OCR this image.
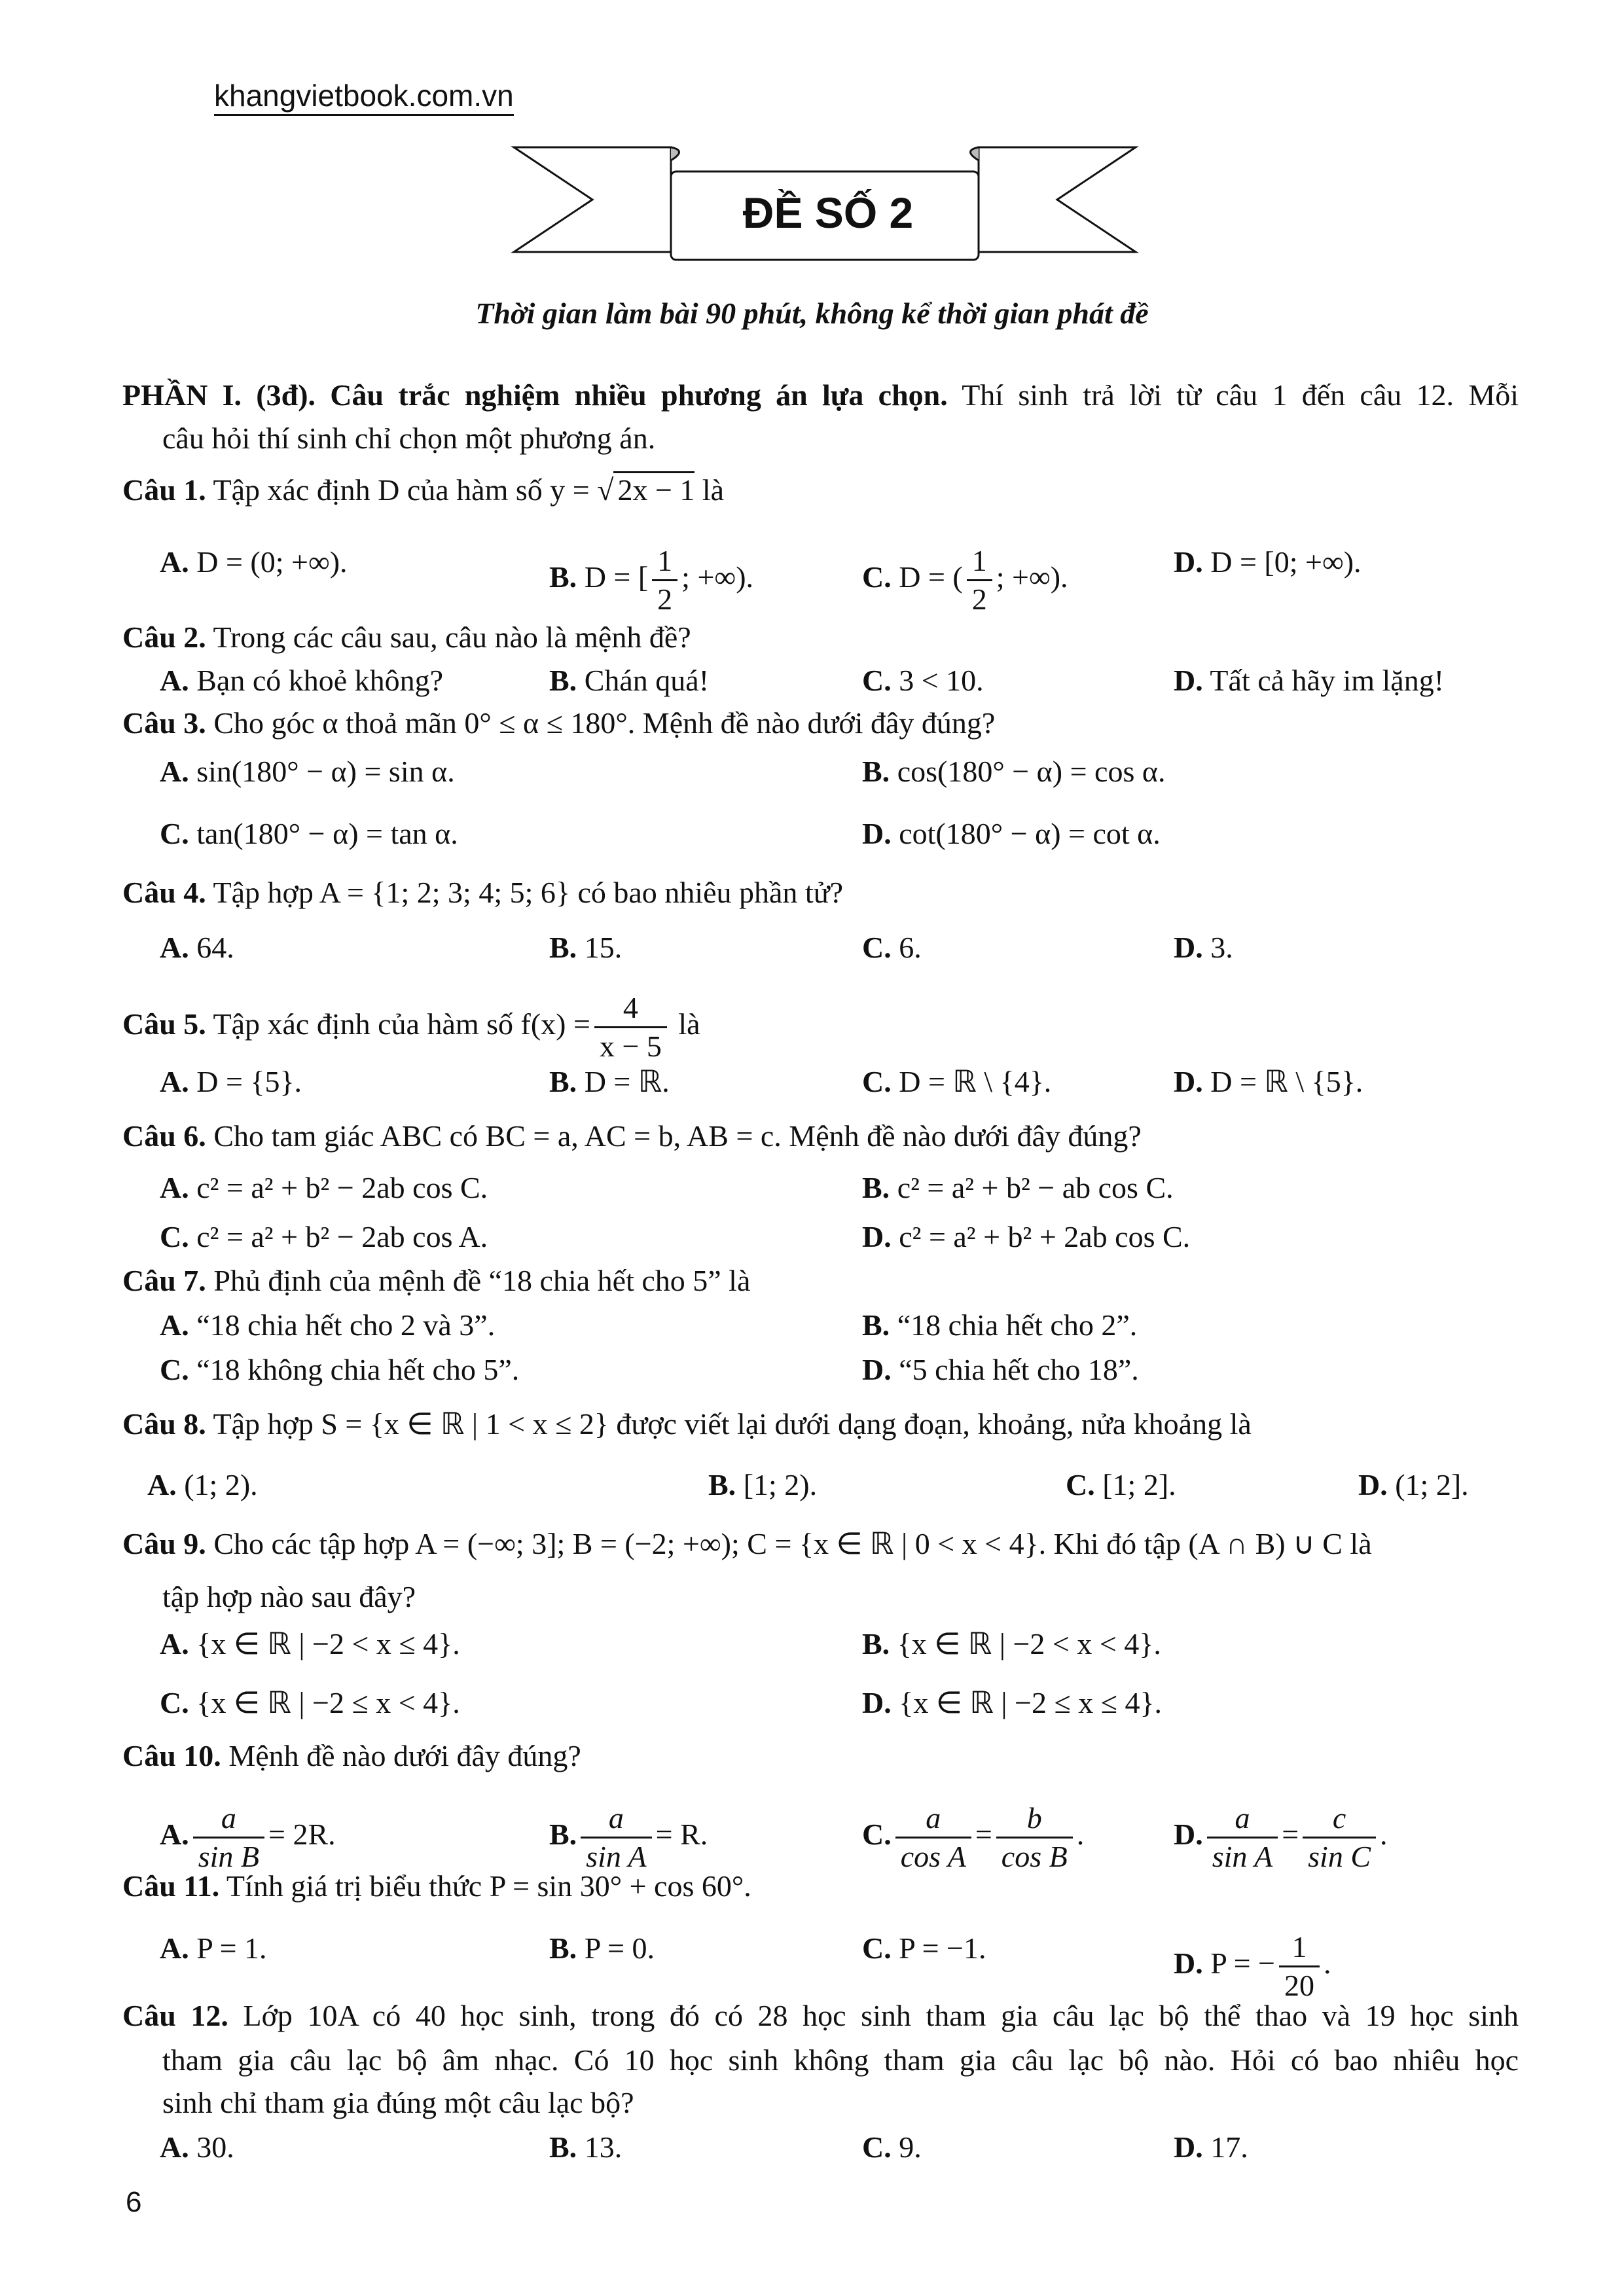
khangvietbook.com.vn
ĐỀ SỐ 2
Thời gian làm bài 90 phút, không kể thời gian phát đề
PHẦN I. (3đ). Câu trắc nghiệm nhiều phương án lựa chọn. Thí sinh trả lời từ câu 1 đến câu 12. Mỗi
câu hỏi thí sinh chỉ chọn một phương án.
Câu 1. Tập xác định D của hàm số y = √ 2x − 1 là
A. D = (0; +∞).	B. D = [ $\frac{1}{2}$ ; +∞).	C. D = ( $\frac{1}{2}$ ; +∞).	D. D = [0; +∞).
Câu 2. Trong các câu sau, câu nào là mệnh đề?
A. Bạn có khoẻ không?	B. Chán quá!	C. 3 < 10.	D. Tất cả hãy im lặng!
Câu 3. Cho góc α thoả mãn 0° ≤ α ≤ 180°. Mệnh đề nào dưới đây đúng?
A. sin(180° − α) = sin α.	B. cos(180° − α) = cos α.
C. tan(180° − α) = tan α.	D. cot(180° − α) = cot α.
Câu 4. Tập hợp A = {1; 2; 3; 4; 5; 6} có bao nhiêu phần tử?
A. 64.	B. 15.	C. 6.	D. 3.
Câu 5. Tập xác định của hàm số $f(x) = \frac{4}{x - 5}$ là
A. D = {5}.	B. D = ℝ.	C. D = ℝ \ {4}.	D. D = ℝ \ {5}.
Câu 6. Cho tam giác ABC có BC = a, AC = b, AB = c. Mệnh đề nào dưới đây đúng?
A. c² = a² + b² − 2ab cos C.	B. c² = a² + b² − ab cos C.
C. c² = a² + b² − 2ab cos A.	D. c² = a² + b² + 2ab cos C.
Câu 7. Phủ định của mệnh đề “18 chia hết cho 5” là
A. “18 chia hết cho 2 và 3”.	B. “18 chia hết cho 2”.
C. “18 không chia hết cho 5”.	D. “5 chia hết cho 18”.
Câu 8. Tập hợp S = {x ∈ ℝ | 1 < x ≤ 2} được viết lại dưới dạng đoạn, khoảng, nửa khoảng là
A. (1; 2).	B. [1; 2).	C. [1; 2].	D. (1; 2].
Câu 9. Cho các tập hợp A = (−∞; 3]; B = (−2; +∞); C = {x ∈ ℝ | 0 < x < 4}. Khi đó tập (A ∩ B) ∪ C là
tập hợp nào sau đây?
A. {x ∈ ℝ | −2 < x ≤ 4}.	B. {x ∈ ℝ | −2 < x < 4}.
C. {x ∈ ℝ | −2 ≤ x < 4}.	D. {x ∈ ℝ | −2 ≤ x ≤ 4}.
Câu 10. Mệnh đề nào dưới đây đúng?
A. $\frac{a}{\text{sin B}} = 2R$.	B. $\frac{a}{\text{sin A}} = R$.	C. $\frac{a}{\text{cos A}} = \frac{b}{\text{cos B}}$ .	D. $\frac{a}{\text{sin A}} = \frac{c}{\text{sin C}}$ .
Câu 11. Tính giá trị biểu thức P = sin 30° + cos 60°.
A. P = 1.	B. P = 0.	C. P = −1.	D. P = − $\frac{1}{20}$ .
Câu 12. Lớp 10A có 40 học sinh, trong đó có 28 học sinh tham gia câu lạc bộ thể thao và 19 học sinh
tham gia câu lạc bộ âm nhạc. Có 10 học sinh không tham gia câu lạc bộ nào. Hỏi có bao nhiêu học
sinh chỉ tham gia đúng một câu lạc bộ?
A. 30.	B. 13.	C. 9.	D. 17.
6
